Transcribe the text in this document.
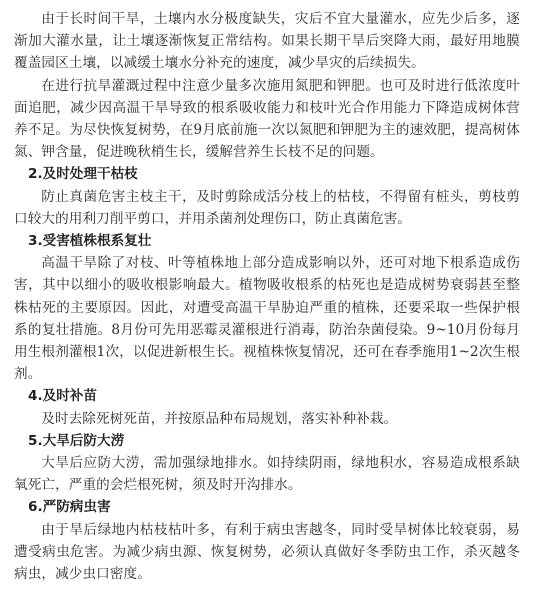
由于长时间干旱，土壤内水分极度缺失，灾后不宜大量灌水，应先少后多，逐渐加大灌水量，让土壤逐渐恢复正常结构。如果长期干旱后突降大雨，最好用地膜覆盖园区土壤，以减缓土壤水分补充的速度，减少旱灾的后续损失。

在进行抗旱灌溉过程中注意少量多次施用氮肥和钾肥。也可及时进行低浓度叶面追肥，减少因高温干旱导致的根系吸收能力和枝叶光合作用能力下降造成树体营养不足。为尽快恢复树势，在9月底前施一次以氮肥和钾肥为主的速效肥，提高树体氮、钾含量，促进晚秋梢生长，缓解营养生长枝不足的问题。

2.及时处理干枯枝

防止真菌危害主枝主干，及时剪除成活分枝上的枯枝，不得留有桩头，剪枝剪口较大的用利刀削平剪口，并用杀菌剂处理伤口，防止真菌危害。

3.受害植株根系复壮

高温干旱除了对枝、叶等植株地上部分造成影响以外，还可对地下根系造成伤害，其中以细小的吸收根影响最大。植物吸收根系的枯死也是造成树势衰弱甚至整株枯死的主要原因。因此，对遭受高温干旱胁迫严重的植株，还要采取一些保护根系的复壮措施。8月份可先用恶霉灵灌根进行消毒，防治杂菌侵染。9~10月份每月用生根剂灌根1次，以促进新根生长。视植株恢复情况，还可在春季施用1~2次生根剂。

4.及时补苗

及时去除死树死苗，并按原品种布局规划，落实补种补栽。

5.大旱后防大涝

大旱后应防大涝，需加强绿地排水。如持续阴雨，绿地积水，容易造成根系缺氧死亡，严重的会烂根死树，须及时开沟排水。

6.严防病虫害

由于旱后绿地内枯枝枯叶多，有利于病虫害越冬，同时受旱树体比较衰弱，易遭受病虫危害。为减少病虫源、恢复树势，必须认真做好冬季防虫工作，杀灭越冬病虫，减少虫口密度。
